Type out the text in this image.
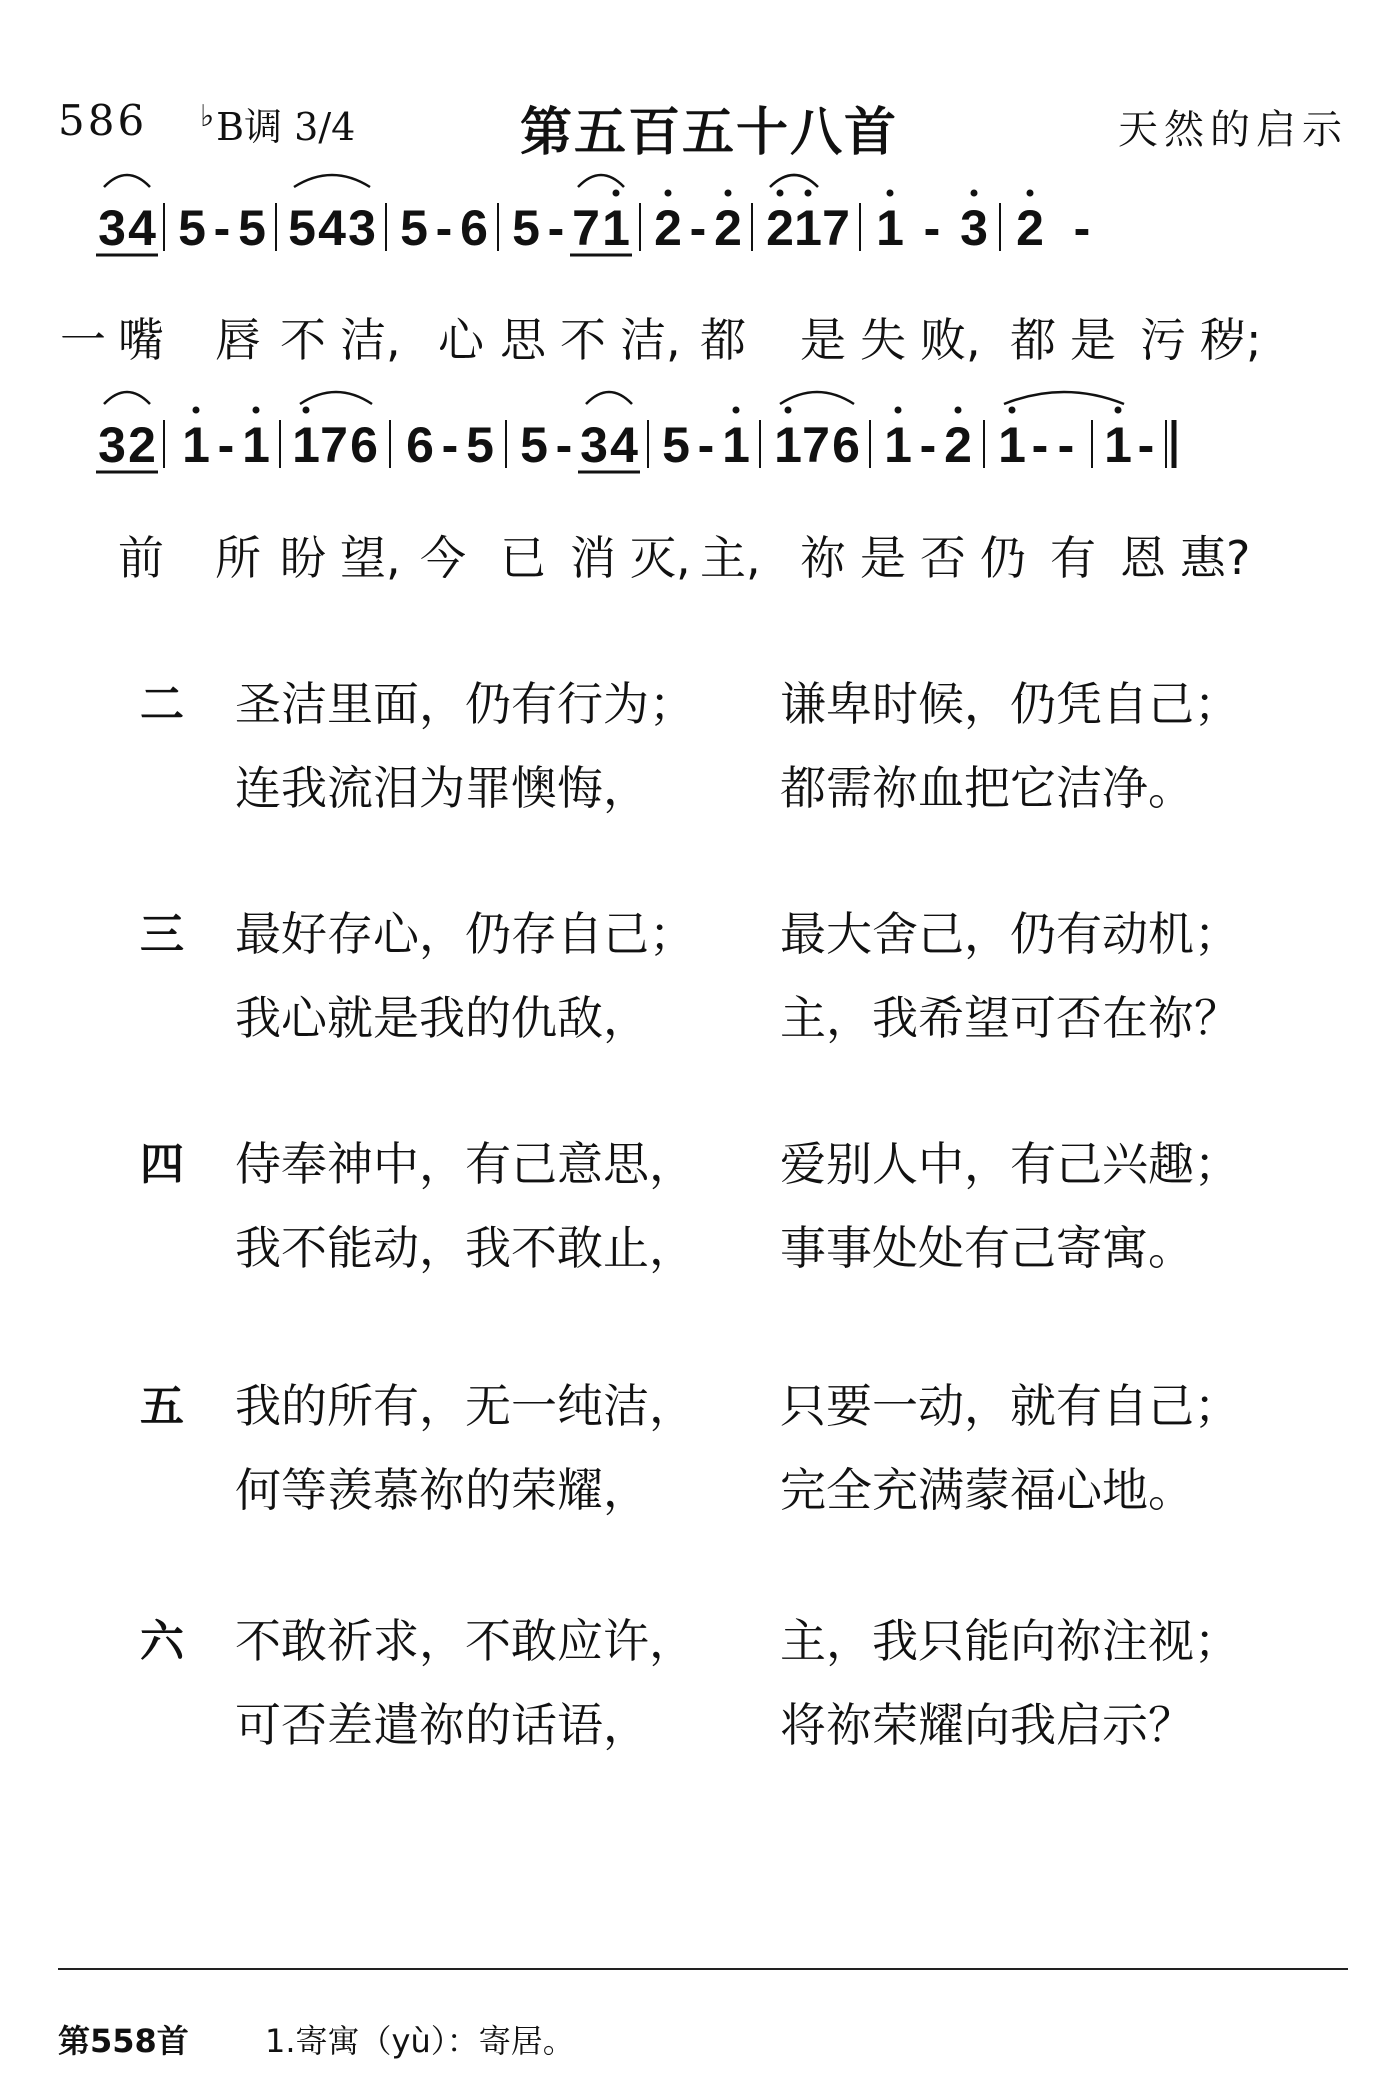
586 ♭B调 3/4	第五百五十八首	天然的启示
3 4 5 - 5 5 4 3 5 - 6 5 - 7 1 2 - 2 2 1 7 1 - 3 2 -
3 2 1 - 1 1 7 6 6 - 5 5 - 3 4 5 - 1 1 7 6 1 - 2 1 - - 1 -
一 嘴 唇 不 洁, 心 思 不 洁, 都 是 失 败, 都 是 污 秽;
前 所 盼 望, 今 已 消 灭, 主, 祢 是 否 仍 有 恩 惠?
二 圣洁里面，仍有行为； 谦卑时候，仍凭自己；
连我流泪为罪懊悔，	都需祢血把它洁净。
三 最好存心，仍存自己； 最大舍己，仍有动机；
我心就是我的仇敌，	主，我希望可否在祢？
四 侍奉神中，有己意思， 爱别人中，有己兴趣；
我不能动，我不敢止， 事事处处有己寄寓。
五 我的所有，无一纯洁， 只要一动，就有自己；
何等羡慕祢的荣耀，	完全充满蒙福心地。
六 不敢祈求，不敢应许， 主，我只能向祢注视；
可否差遣祢的话语，	将祢荣耀向我启示？
第558首 1.寄寓（yù）：寄居。
